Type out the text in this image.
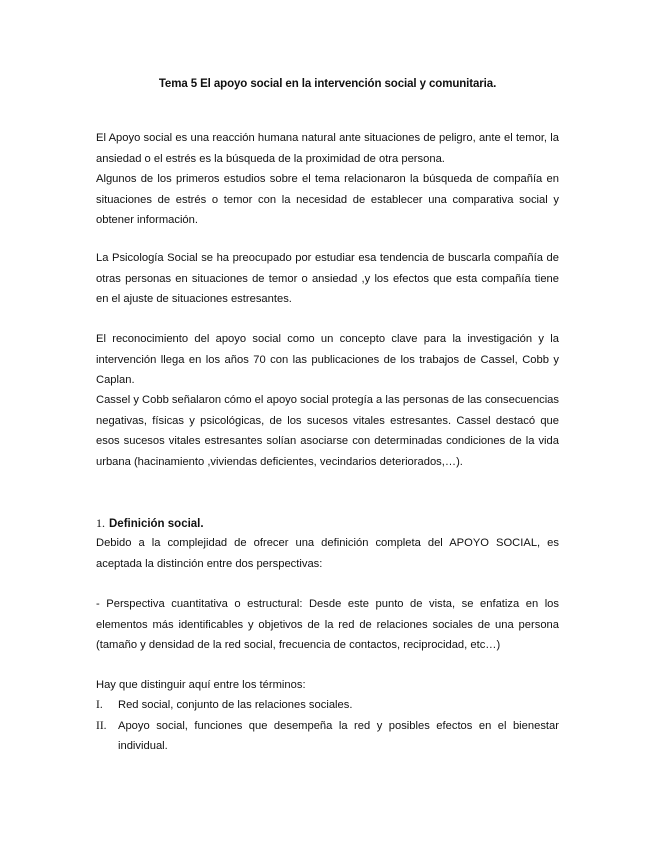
Tema 5 El apoyo social en la intervención social y comunitaria.

El Apoyo social es una reacción humana natural ante situaciones de peligro, ante el temor, la ansiedad o el estrés es la búsqueda de la proximidad de otra persona.

Algunos de los primeros estudios sobre el tema relacionaron la búsqueda de compañía en situaciones de estrés o temor con la necesidad de establecer una comparativa social y obtener información.

La Psicología Social se ha preocupado por estudiar esa tendencia de buscarla compañía de otras personas en situaciones de temor o ansiedad ,y los efectos que esta compañía tiene en el ajuste de situaciones estresantes.

El reconocimiento del apoyo social como un concepto clave para la investigación y la intervención llega en los años 70 con las publicaciones de los trabajos de Cassel, Cobb y Caplan.

Cassel y Cobb señalaron cómo el apoyo social protegía a las personas de las consecuencias negativas, físicas y psicológicas, de los sucesos vitales estresantes. Cassel destacó que esos sucesos vitales estresantes solían asociarse con determinadas condiciones de la vida urbana (hacinamiento ,viviendas deficientes, vecindarios deteriorados,…).

1. Definición social.

Debido a la complejidad de ofrecer una definición completa del APOYO SOCIAL, es aceptada la distinción entre dos perspectivas:

- Perspectiva cuantitativa o estructural: Desde este punto de vista, se enfatiza en los elementos más identificables y objetivos de la red de relaciones sociales de una persona (tamaño y densidad de la red social, frecuencia de contactos, reciprocidad, etc…)

Hay que distinguir aquí entre los términos:

I. Red social, conjunto de las relaciones sociales.
II. Apoyo social, funciones que desempeña la red y posibles efectos en el bienestar individual.
